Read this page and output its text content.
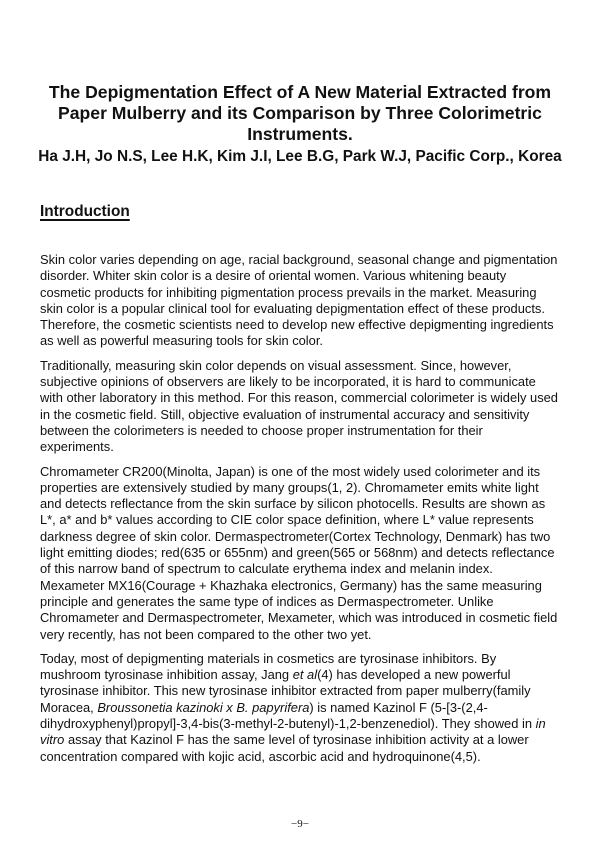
The Depigmentation Effect of A New Material Extracted from Paper Mulberry and its Comparison by Three Colorimetric Instruments.
Ha J.H, Jo N.S, Lee H.K, Kim J.I, Lee B.G, Park W.J, Pacific Corp., Korea
Introduction

Skin color varies depending on age, racial background, seasonal change and pigmentation disorder. Whiter skin color is a desire of oriental women. Various whitening beauty cosmetic products for inhibiting pigmentation process prevails in the market. Measuring skin color is a popular clinical tool for evaluating depigmentation effect of these products. Therefore, the cosmetic scientists need to develop new effective depigmenting ingredients as well as powerful measuring tools for skin color.

Traditionally, measuring skin color depends on visual assessment. Since, however, subjective opinions of observers are likely to be incorporated, it is hard to communicate with other laboratory in this method. For this reason, commercial colorimeter is widely used in the cosmetic field. Still, objective evaluation of instrumental accuracy and sensitivity between the colorimeters is needed to choose proper instrumentation for their experiments.

Chromameter CR200(Minolta, Japan) is one of the most widely used colorimeter and its properties are extensively studied by many groups(1, 2). Chromameter emits white light and detects reflectance from the skin surface by silicon photocells. Results are shown as L*, a* and b* values according to CIE color space definition, where L* value represents darkness degree of skin color. Dermaspectrometer(Cortex Technology, Denmark) has two light emitting diodes; red(635 or 655nm) and green(565 or 568nm) and detects reflectance of this narrow band of spectrum to calculate erythema index and melanin index. Mexameter MX16(Courage + Khazhaka electronics, Germany) has the same measuring principle and generates the same type of indices as Dermaspectrometer. Unlike Chromameter and Dermaspectrometer, Mexameter, which was introduced in cosmetic field very recently, has not been compared to the other two yet.

Today, most of depigmenting materials in cosmetics are tyrosinase inhibitors. By mushroom tyrosinase inhibition assay, Jang et al(4) has developed a new powerful tyrosinase inhibitor. This new tyrosinase inhibitor extracted from paper mulberry(family Moracea, Broussonetia kazinoki x B. papyrifera) is named Kazinol F (5-[3-(2,4-dihydroxyphenyl)propyl]-3,4-bis(3-methyl-2-butenyl)-1,2-benzenediol). They showed in in vitro assay that Kazinol F has the same level of tyrosinase inhibition activity at a lower concentration compared with kojic acid, ascorbic acid and hydroquinone(4,5).

−9−
